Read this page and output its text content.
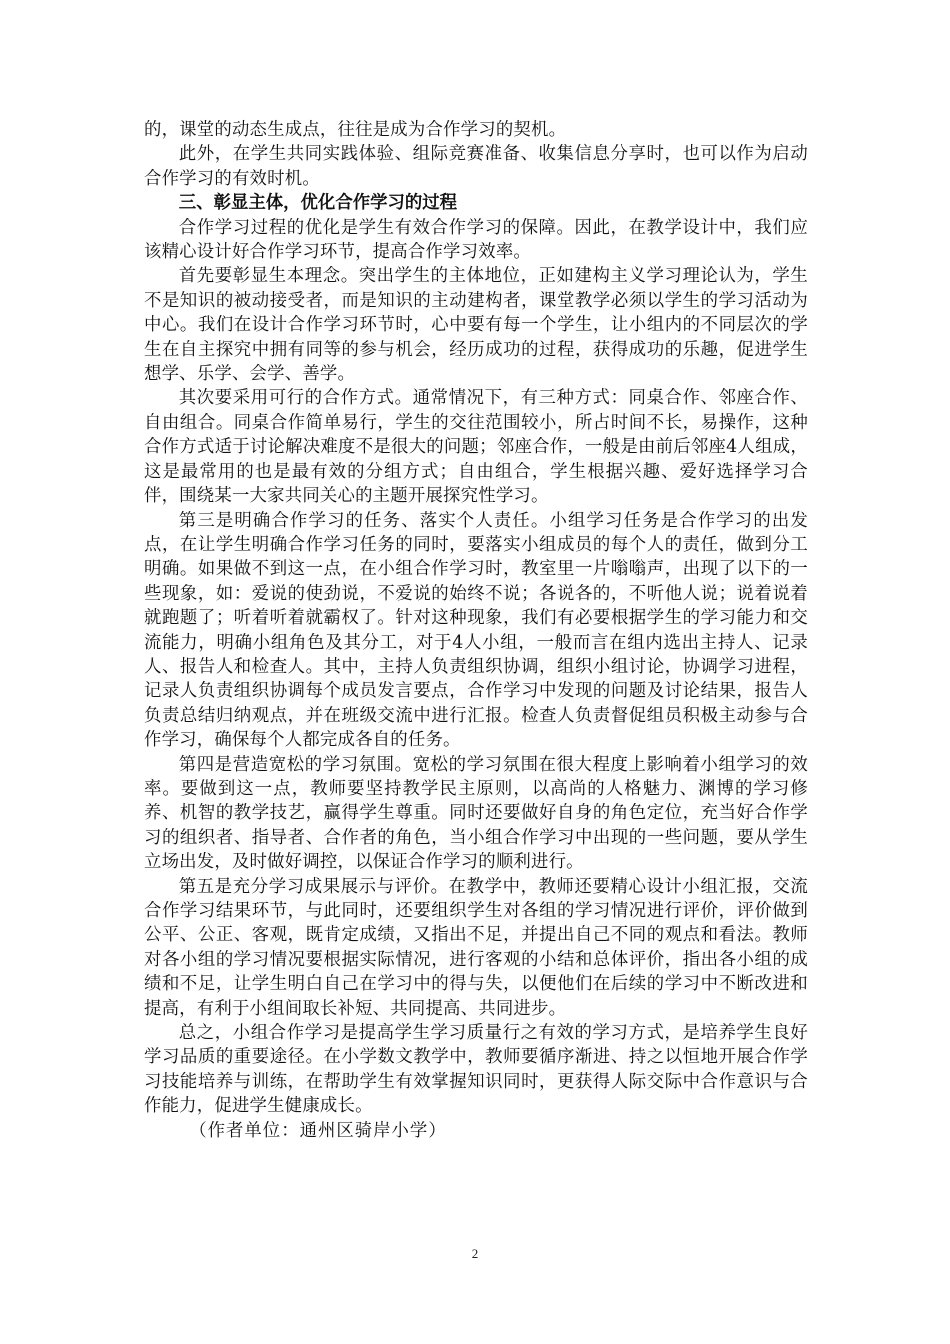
的，课堂的动态生成点，往往是成为合作学习的契机。

此外，在学生共同实践体验、组际竞赛准备、收集信息分享时，也可以作为启动合作学习的有效时机。

三、彰显主体，优化合作学习的过程

合作学习过程的优化是学生有效合作学习的保障。因此，在教学设计中，我们应该精心设计好合作学习环节，提高合作学习效率。

首先要彰显生本理念。突出学生的主体地位，正如建构主义学习理论认为，学生不是知识的被动接受者，而是知识的主动建构者，课堂教学必须以学生的学习活动为中心。我们在设计合作学习环节时，心中要有每一个学生，让小组内的不同层次的学生在自主探究中拥有同等的参与机会，经历成功的过程，获得成功的乐趣，促进学生想学、乐学、会学、善学。

其次要采用可行的合作方式。通常情况下，有三种方式：同桌合作、邻座合作、自由组合。同桌合作简单易行，学生的交往范围较小，所占时间不长，易操作，这种合作方式适于讨论解决难度不是很大的问题；邻座合作，一般是由前后邻座4人组成，这是最常用的也是最有效的分组方式；自由组合，学生根据兴趣、爱好选择学习合伴，围绕某一大家共同关心的主题开展探究性学习。

第三是明确合作学习的任务、落实个人责任。小组学习任务是合作学习的出发点，在让学生明确合作学习任务的同时，要落实小组成员的每个人的责任，做到分工明确。如果做不到这一点，在小组合作学习时，教室里一片嗡嗡声，出现了以下的一些现象，如：爱说的使劲说，不爱说的始终不说；各说各的，不听他人说；说着说着就跑题了；听着听着就霸权了。针对这种现象，我们有必要根据学生的学习能力和交流能力，明确小组角色及其分工，对于4人小组，一般而言在组内选出主持人、记录人、报告人和检查人。其中，主持人负责组织协调，组织小组讨论，协调学习进程，记录人负责组织协调每个成员发言要点，合作学习中发现的问题及讨论结果，报告人负责总结归纳观点，并在班级交流中进行汇报。检查人负责督促组员积极主动参与合作学习，确保每个人都完成各自的任务。

第四是营造宽松的学习氛围。宽松的学习氛围在很大程度上影响着小组学习的效率。要做到这一点，教师要坚持教学民主原则，以高尚的人格魅力、渊博的学习修养、机智的教学技艺，赢得学生尊重。同时还要做好自身的角色定位，充当好合作学习的组织者、指导者、合作者的角色，当小组合作学习中出现的一些问题，要从学生立场出发，及时做好调控，以保证合作学习的顺利进行。

第五是充分学习成果展示与评价。在教学中，教师还要精心设计小组汇报，交流合作学习结果环节，与此同时，还要组织学生对各组的学习情况进行评价，评价做到公平、公正、客观，既肯定成绩，又指出不足，并提出自己不同的观点和看法。教师对各小组的学习情况要根据实际情况，进行客观的小结和总体评价，指出各小组的成绩和不足，让学生明白自己在学习中的得与失，以便他们在后续的学习中不断改进和提高，有利于小组间取长补短、共同提高、共同进步。

总之，小组合作学习是提高学生学习质量行之有效的学习方式，是培养学生良好学习品质的重要途径。在小学数文教学中，教师要循序渐进、持之以恒地开展合作学习技能培养与训练，在帮助学生有效掌握知识同时，更获得人际交际中合作意识与合作能力，促进学生健康成长。

（作者单位：通州区骑岸小学）

2
